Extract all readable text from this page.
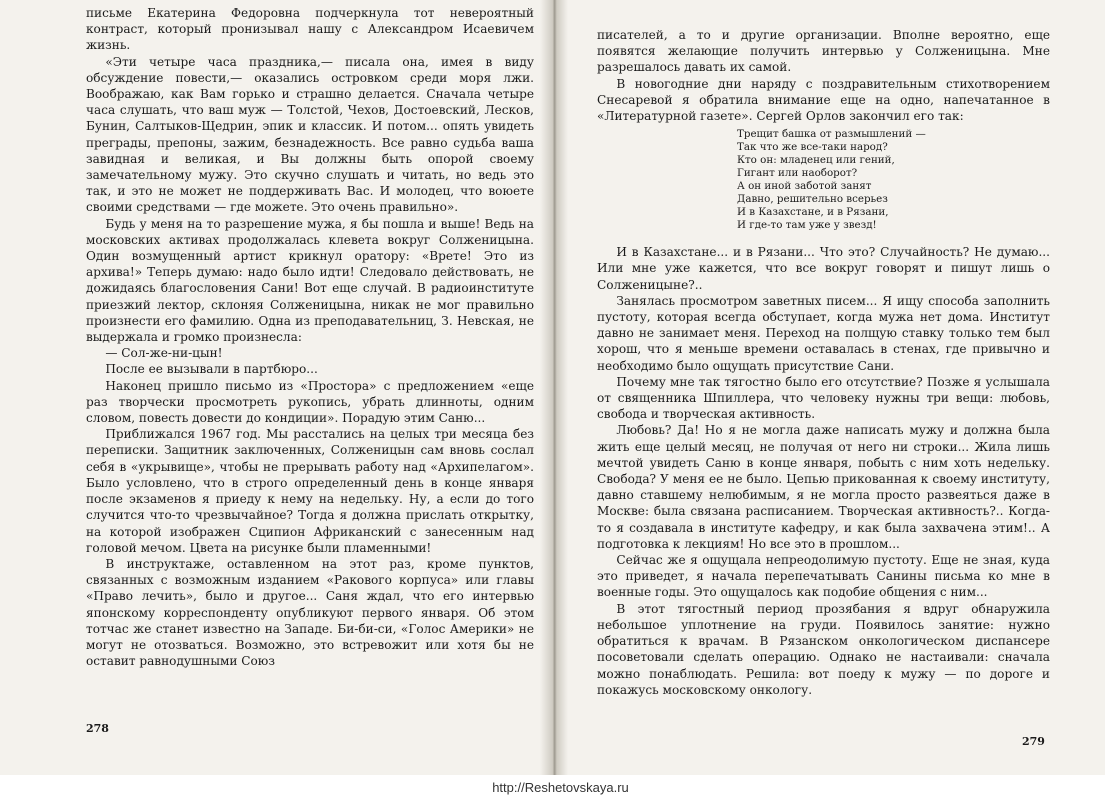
письме Екатерина Федоровна подчеркнула тот невероятный контраст, который пронизывал нашу с Александром Исаевичем жизнь.

«Эти четыре часа праздника,— писала она, имея в виду обсуждение повести,— оказались островком среди моря лжи. Воображаю, как Вам горько и страшно делается. Сначала четыре часа слушать, что ваш муж — Толстой, Чехов, Достоевский, Лесков, Бунин, Салтыков-Щедрин, эпик и классик. И потом... опять увидеть преграды, препоны, зажим, безнадежность. Все равно судьба ваша завидная и великая, и Вы должны быть опорой своему замечательному мужу. Это скучно слушать и читать, но ведь это так, и это не может не поддерживать Вас. И молодец, что воюете своими средствами — где можете. Это очень правильно».

Будь у меня на то разрешение мужа, я бы пошла и выше! Ведь на московских активах продолжалась клевета вокруг Солженицына. Один возмущенный артист крикнул оратору: «Врете! Это из архива!» Теперь думаю: надо было идти! Следовало действовать, не дожидаясь благословения Сани! Вот еще случай. В радиоинституте приезжий лектор, склоняя Солженицына, никак не мог правильно произнести его фамилию. Одна из преподавательниц, З. Невская, не выдержала и громко произнесла:

— Сол-же-ни-цын!

После ее вызывали в партбюро...

Наконец пришло письмо из «Простора» с предложением «еще раз творчески просмотреть рукопись, убрать длинноты, одним словом, повесть довести до кондиции». Порадую этим Саню...

Приближался 1967 год. Мы расстались на целых три месяца без переписки. Защитник заключенных, Солженицын сам вновь сослал себя в «укрывище», чтобы не прерывать работу над «Архипелагом». Было условлено, что в строго определенный день в конце января после экзаменов я приеду к нему на недельку. Ну, а если до того случится что-то чрезвычайное? Тогда я должна прислать открытку, на которой изображен Сципион Африканский с занесенным над головой мечом. Цвета на рисунке были пламенными!

В инструктаже, оставленном на этот раз, кроме пунктов, связанных с возможным изданием «Ракового корпуса» или главы «Право лечить», было и другое... Саня ждал, что его интервью японскому корреспонденту опубликуют первого января. Об этом тотчас же станет известно на Западе. Би-би-си, «Голос Америки» не могут не отозваться. Возможно, это встревожит или хотя бы не оставит равнодушными Союз

278

писателей, а то и другие организации. Вполне вероятно, еще появятся желающие получить интервью у Солженицына. Мне разрешалось давать их самой.

В новогодние дни наряду с поздравительным стихотворением Снесаревой я обратила внимание еще на одно, напечатанное в «Литературной газете». Сергей Орлов закончил его так:

Трещит башка от размышлений —
Так что же все-таки народ?
Кто он: младенец или гений,
Гигант или наоборот?
А он иной заботой занят
Давно, решительно всерьез
И в Казахстане, и в Рязани,
И где-то там уже у звезд!

И в Казахстане... и в Рязани... Что это? Случайность? Не думаю... Или мне уже кажется, что все вокруг говорят и пишут лишь о Солженицыне?..

Занялась просмотром заветных писем... Я ищу способа заполнить пустоту, которая всегда обступает, когда мужа нет дома. Институт давно не занимает меня. Переход на полщую ставку только тем был хорош, что я меньше времени оставалась в стенах, где привычно и необходимо было ощущать присутствие Сани.

Почему мне так тягостно было его отсутствие? Позже я услышала от священника Шпиллера, что человеку нужны три вещи: любовь, свобода и творческая активность.

Любовь? Да! Но я не могла даже написать мужу и должна была жить еще целый месяц, не получая от него ни строки... Жила лишь мечтой увидеть Саню в конце января, побыть с ним хоть недельку. Свобода? У меня ее не было. Цепью прикованная к своему институту, давно ставшему нелюбимым, я не могла просто развеяться даже в Москве: была связана расписанием. Творческая активность?.. Когда-то я создавала в институте кафедру, и как была захвачена этим!.. А подготовка к лекциям! Но все это в прошлом...

Сейчас же я ощущала непреодолимую пустоту. Еще не зная, куда это приведет, я начала перепечатывать Санины письма ко мне в военные годы. Это ощущалось как подобие общения с ним...

В этот тягостный период прозябания я вдруг обнаружила небольшое уплотнение на груди. Появилось занятие: нужно обратиться к врачам. В Рязанском онкологическом диспансере посоветовали сделать операцию. Однако не настаивали: сначала можно понаблюдать. Решила: вот поеду к мужу — по дороге и покажусь московскому онкологу.

279
http://Reshetovskaya.ru
